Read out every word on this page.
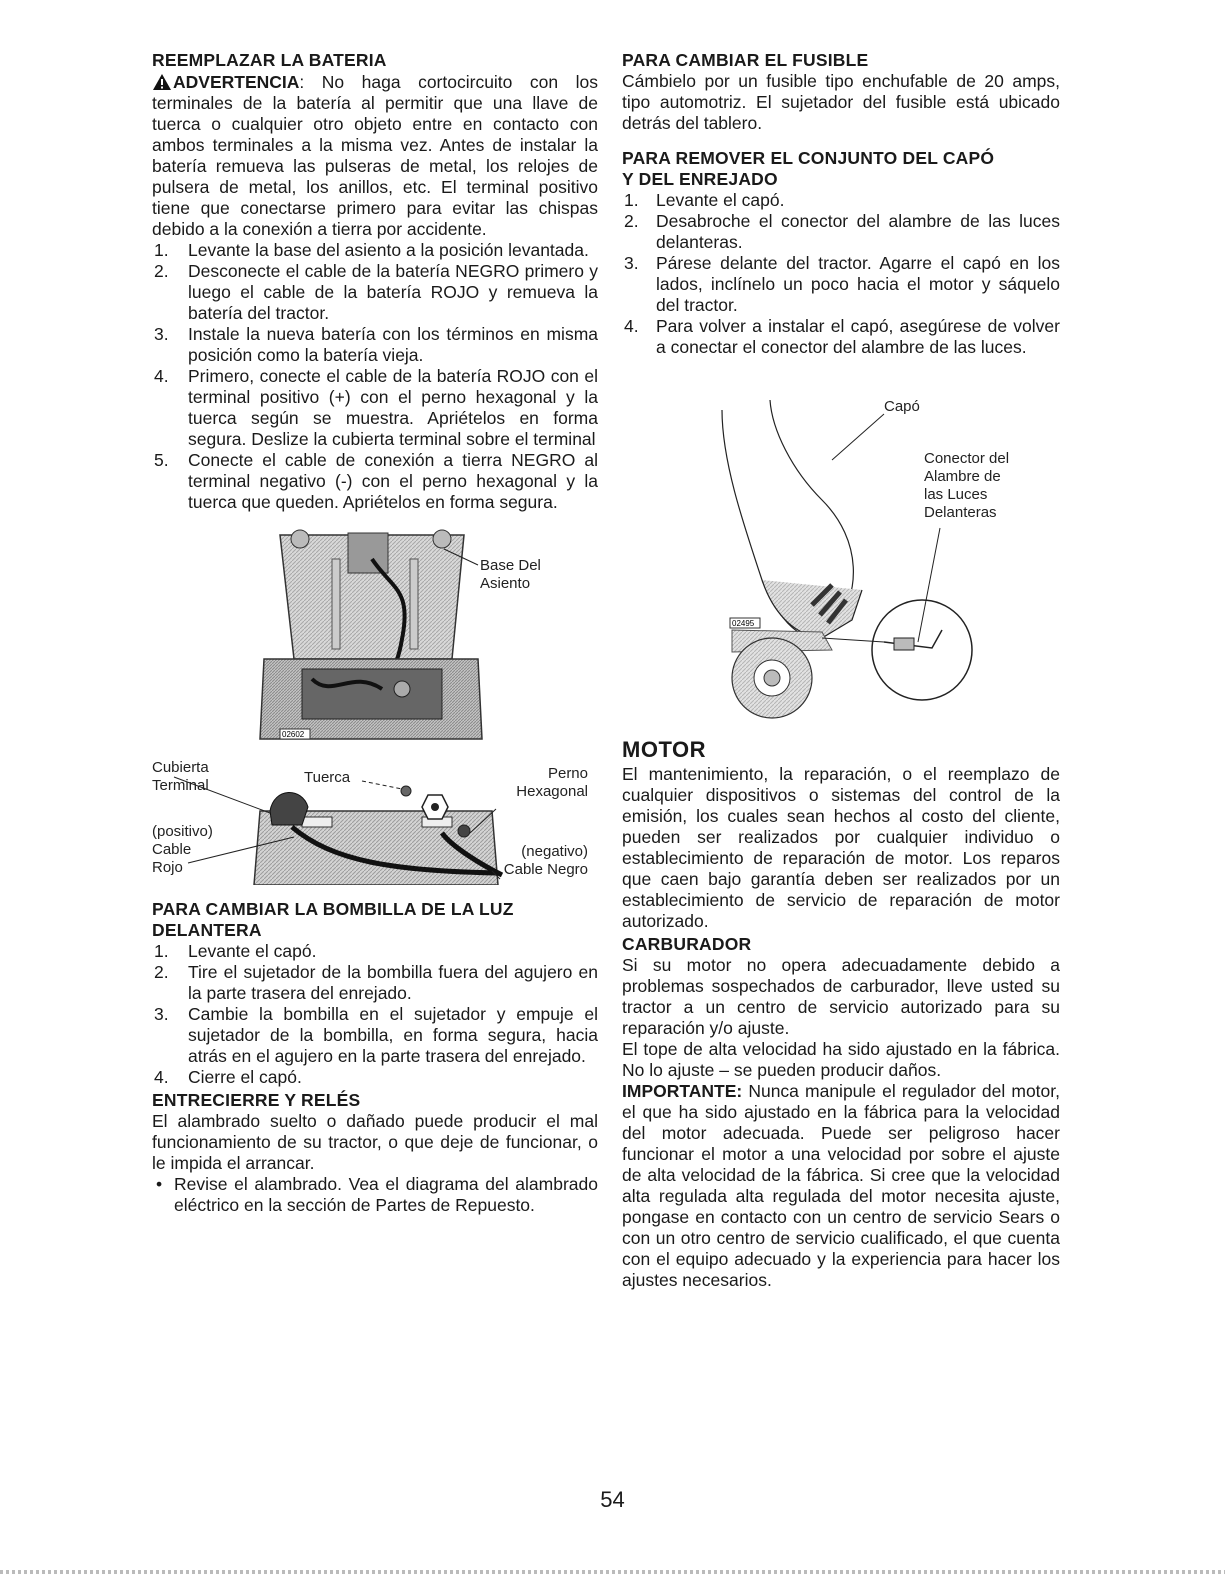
REEMPLAZAR LA BATERIA

ADVERTENCIA: No haga cortocircuito con los terminales de la batería al permitir que una llave de tuerca o cualquier otro objeto entre en contacto con ambos terminales a la misma vez. Antes de instalar la batería remueva las pulseras de metal, los relojes de pulsera de metal, los anillos, etc. El terminal positivo tiene que conectarse primero para evitar las chispas debido a la conexión a tierra por accidente.

1. Levante la base del asiento a la posición levantada.
2. Desconecte el cable de la batería NEGRO primero y luego el cable de la batería ROJO y remueva la batería del tractor.
3. Instale la nueva batería con los términos en misma posición como la batería vieja.
4. Primero, conecte el cable de la batería ROJO con el terminal positivo (+) con el perno hexagonal y la tuerca según se muestra. Apriételos en forma segura. Deslize la cubierta terminal sobre el terminal
5. Conecte el cable de conexión a tierra NEGRO al terminal negativo (-) con el perno hexagonal y la tuerca que queden. Apriételos en forma segura.
02602
Base Del
Asiento
Cubierta
Terminal	Tuerca	Perno
Hexagonal
(positivo)
Cable
Rojo
(negativo)
Cable Negro
PARA CAMBIAR LA BOMBILLA DE LA LUZ
DELANTERA
1. Levante el capó.
2. Tire el sujetador de la bombilla fuera del agujero en la parte trasera del enrejado.
3. Cambie la bombilla en el sujetador y empuje el sujetador de la bombilla, en forma segura, hacia atrás en el agujero en la parte trasera del enrejado.
4. Cierre el capó.
ENTRECIERRE Y RELÉS

El alambrado suelto o dañado puede producir el mal funcionamiento de su tractor, o que deje de funcionar, o le impida el arrancar.

• Revise el alambrado. Vea el diagrama del alambrado eléctrico en la sección de Partes de Repuesto.
PARA CAMBIAR EL FUSIBLE

Cámbielo por un fusible tipo enchufable de 20 amps, tipo automotriz. El sujetador del fusible está ubicado detrás del tablero.

PARA REMOVER EL CONJUNTO DEL CAPÓ
Y DEL ENREJADO
1. Levante el capó.
2. Desabroche el conector del alambre de las luces delanteras.
3. Párese delante del tractor. Agarre el capó en los lados, inclínelo un poco hacia el motor y sáquelo del tractor.
4. Para volver a instalar el capó, asegúrese de volver a conectar el conector del alambre de las luces.
02495
Capó
Conector del
Alambre de
las Luces
Delanteras
MOTOR

El mantenimiento, la reparación, o el reemplazo de cualquier dispositivos o sistemas del control de la emisión, los cuales sean hechos al costo del cliente, pueden ser realizados por cualquier individuo o establecimiento de reparación de motor. Los reparos que caen bajo garantía deben ser realizados por un establecimiento de servicio de reparación de motor autorizado.

CARBURADOR

Si su motor no opera adecuadamente debido a problemas sospechados de carburador, lleve usted su tractor a un centro de servicio autorizado para su reparación y/o ajuste.

El tope de alta velocidad ha sido ajustado en la fábrica. No lo ajuste – se pueden producir daños.

IMPORTANTE: Nunca manipule el regulador del motor, el que ha sido ajustado en la fábrica para la velocidad del motor adecuada. Puede ser peligroso hacer funcionar el motor a una velocidad por sobre el ajuste de alta velocidad de la fábrica. Si cree que la velocidad alta regulada alta regulada del motor necesita ajuste, pongase en contacto con un centro de servicio Sears o con un otro centro de servicio cualificado, el que cuenta con el equipo adecuado y la experiencia para hacer los ajustes necesarios.

54
